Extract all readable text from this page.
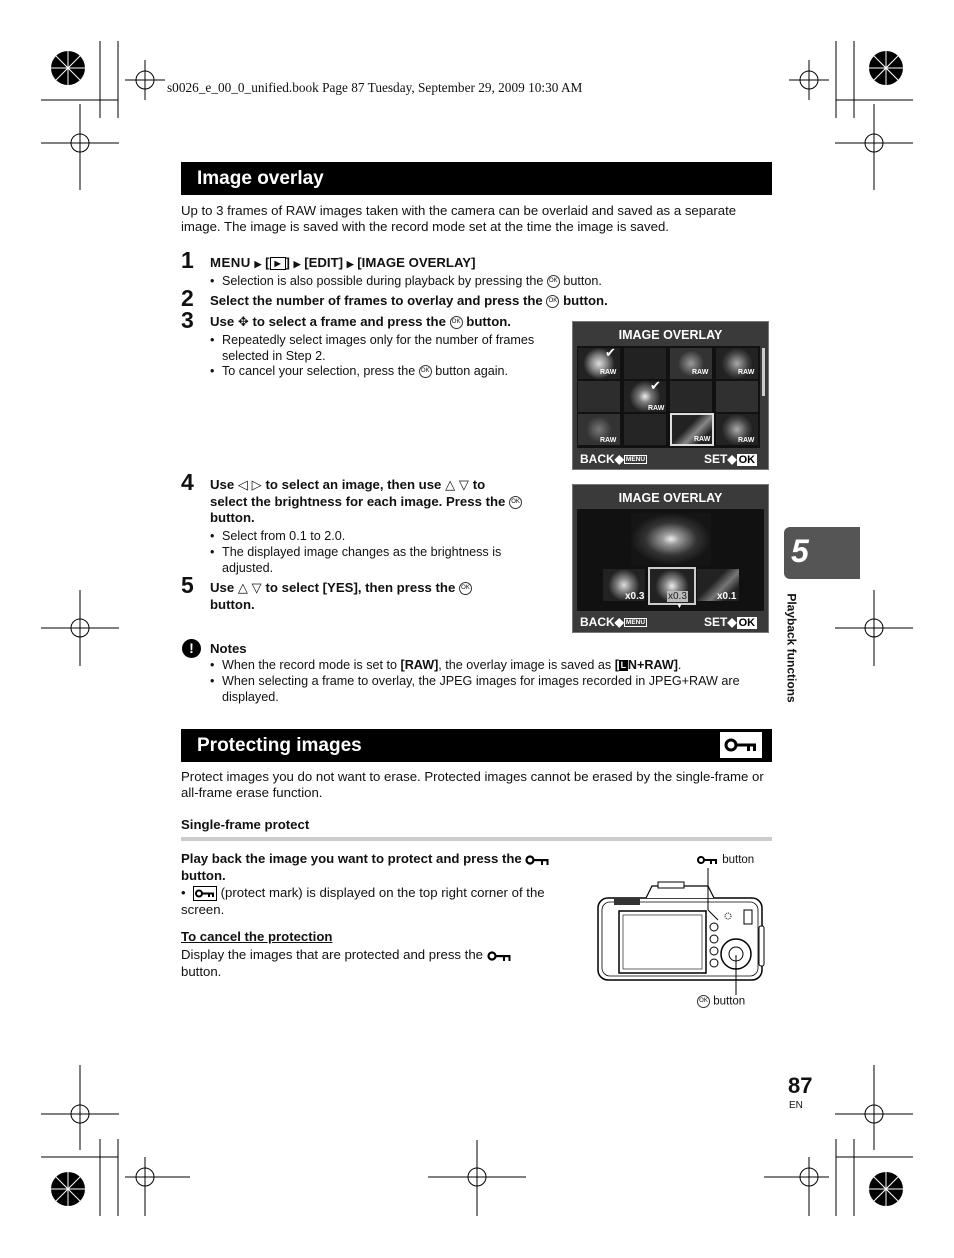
s0026_e_00_0_unified.book Page 87 Tuesday, September 29, 2009 10:30 AM
Image overlay
Up to 3 frames of RAW images taken with the camera can be overlaid and saved as a separate image. The image is saved with the record mode set at the time the image is saved.
1 MENU ▶ [ ▶ ] ▶ [EDIT] ▶ [IMAGE OVERLAY]
• Selection is also possible during playback by pressing the OK button.
2 Select the number of frames to overlay and press the OK button.
3 Use ✥ to select a frame and press the OK button.
• Repeatedly select images only for the number of frames selected in Step 2.
• To cancel your selection, press the OK button again.
IMAGE OVERLAY
RAW
✔
RAW	RAW
RAW
✔
RAW	RAW	RAW
BACK◆ MENU	SET◆ OK
4 Use ◁ ▷ to select an image, then use △ ▽ to
select the brightness for each image. Press the OK
button.
• Select from 0.1 to 2.0.
• The displayed image changes as the brightness is adjusted.
5 Use △ ▽ to select [YES], then press the OK
button.
IMAGE OVERLAY
x0.3 x0.3
▼
x0.1
BACK◆ MENU	SET◆ OK
!	Notes
• When the record mode is set to [RAW], the overlay image is saved as [ L N+RAW].
• When selecting a frame to overlay, the JPEG images for images recorded in JPEG+RAW are displayed.
Protecting images
Protect images you do not want to erase. Protected images cannot be erased by the single-frame or all-frame erase function.
Single-frame protect
Play back the image you want to protect and press the
button.
•   (protect mark) is displayed on the top right corner of the screen.
To cancel the protection
Display the images that are protected and press the
button.
button
OK button
5
Playback functions
87
EN
